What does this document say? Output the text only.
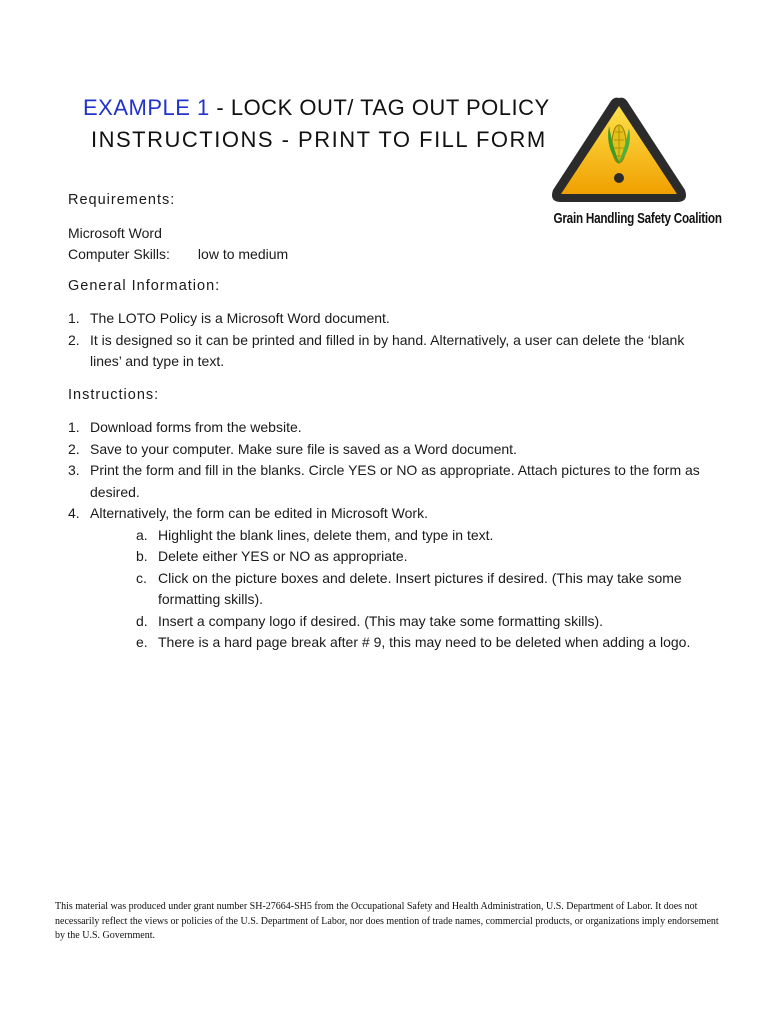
EXAMPLE 1 - LOCK OUT/ TAG OUT POLICY
INSTRUCTIONS - PRINT TO FILL FORM
Grain Handling Safety Coalition
Requirements:

Microsoft Word

Computer Skills: low to medium

General Information:
1. The LOTO Policy is a Microsoft Word document.
2. It is designed so it can be printed and filled in by hand. Alternatively, a user can delete the ‘blank lines’ and type in text.
Instructions:
1. Download forms from the website.
2. Save to your computer. Make sure file is saved as a Word document.
3. Print the form and fill in the blanks. Circle YES or NO as appropriate. Attach pictures to the form as desired.
4. Alternatively, the form can be edited in Microsoft Work.
a. Highlight the blank lines, delete them, and type in text.
b. Delete either YES or NO as appropriate.
c. Click on the picture boxes and delete. Insert pictures if desired. (This may take some formatting skills).
d. Insert a company logo if desired. (This may take some formatting skills).
e. There is a hard page break after # 9, this may need to be deleted when adding a logo.
This material was produced under grant number SH-27664-SH5 from the Occupational Safety and Health Administration, U.S. Department of Labor. It does not necessarily reflect the views or policies of the U.S. Department of Labor, nor does mention of trade names, commercial products, or organizations imply endorsement by the U.S. Government.
